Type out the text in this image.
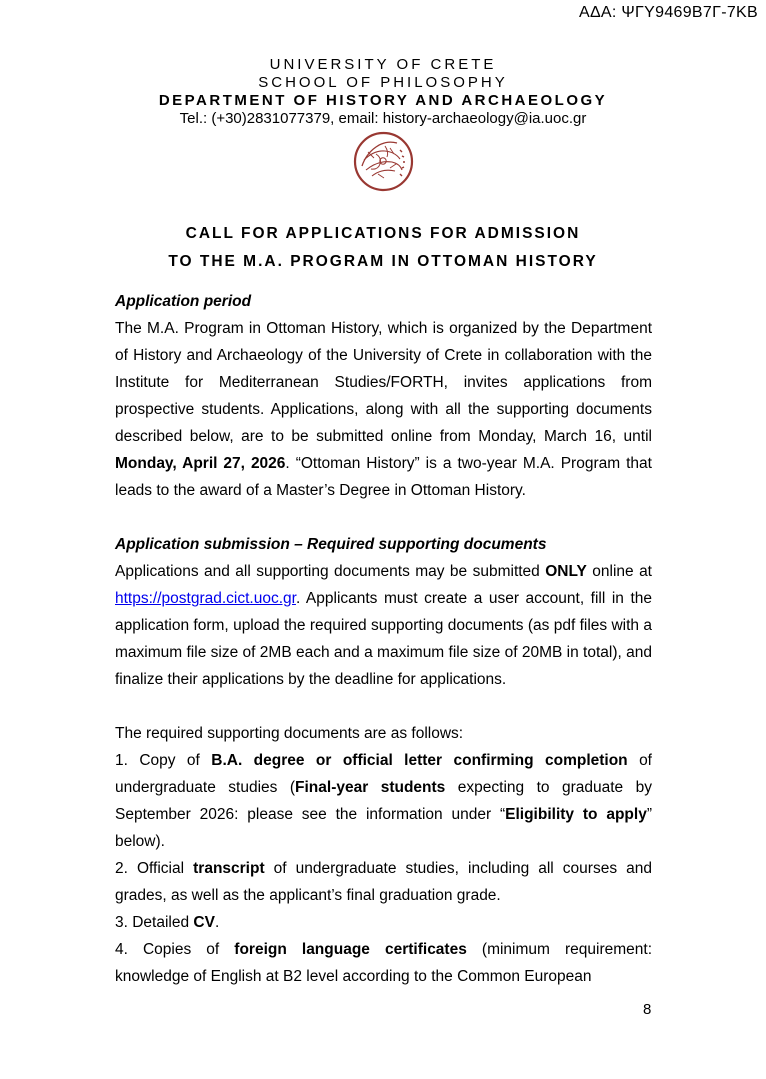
ΑΔΑ: ΨΓΥ9469Β7Γ-7ΚΒ
UNIVERSITY OF CRETE
SCHOOL OF PHILOSOPHY
DEPARTMENT OF HISTORY AND ARCHAEOLOGY
Tel.: (+30)2831077379, email: history-archaeology@ia.uoc.gr
CALL FOR APPLICATIONS FOR ADMISSION
TO THE M.A. PROGRAM IN OTTOMAN HISTORY
Application period

The M.A. Program in Ottoman History, which is organized by the Department of History and Archaeology of the University of Crete in collaboration with the Institute for Mediterranean Studies/FORTH, invites applications from prospective students. Applications, along with all the supporting documents described below, are to be submitted online from Monday, March 16, until Monday, April 27, 2026. “Ottoman History” is a two-year M.A. Program that leads to the award of a Master’s Degree in Ottoman History.

Application submission – Required supporting documents

Applications and all supporting documents may be submitted ONLY online at https://postgrad.cict.uoc.gr. Applicants must create a user account, fill in the application form, upload the required supporting documents (as pdf files with a maximum file size of 2MB each and a maximum file size of 20MB in total), and finalize their applications by the deadline for applications.

The required supporting documents are as follows:

1. Copy of B.A. degree or official letter confirming completion of undergraduate studies (Final-year students expecting to graduate by September 2026: please see the information under “Eligibility to apply” below).

2. Official transcript of undergraduate studies, including all courses and grades, as well as the applicant’s final graduation grade.

3. Detailed CV.

4. Copies of foreign language certificates (minimum requirement: knowledge of English at B2 level according to the Common European

8
